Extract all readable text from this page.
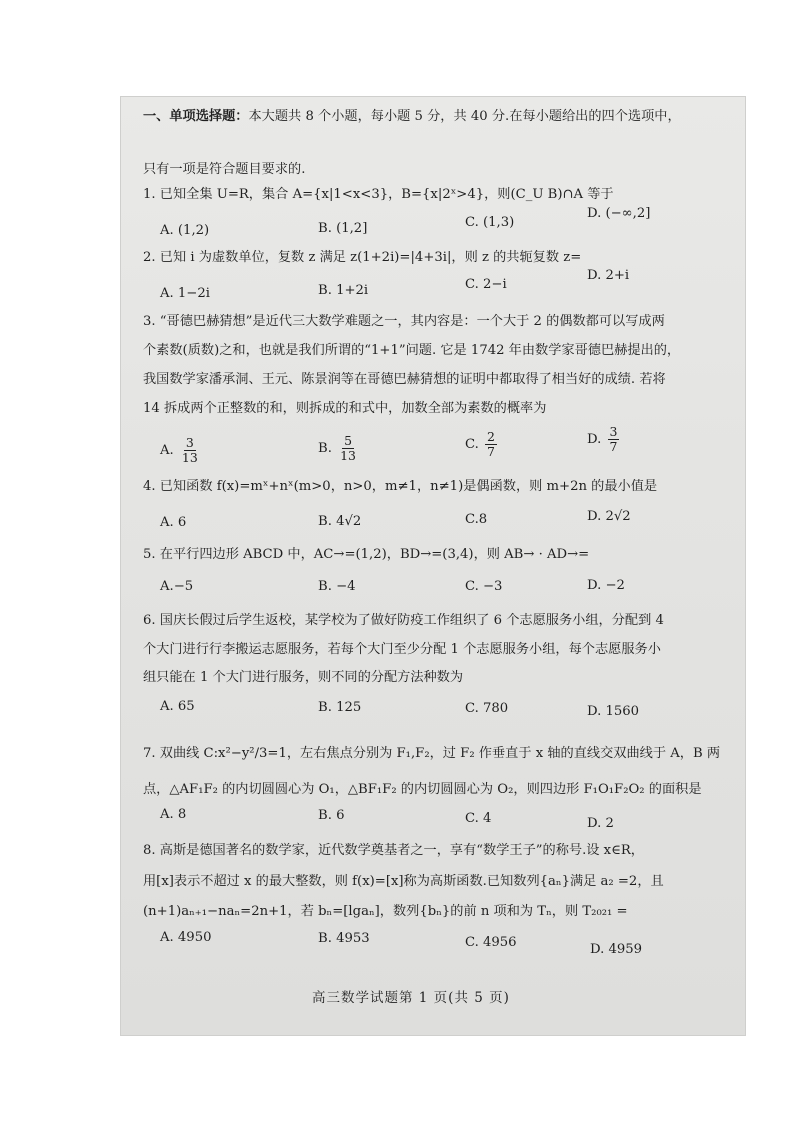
一、单项选择题：本大题共 8 个小题，每小题 5 分，共 40 分.在每小题给出的四个选项中，
只有一项是符合题目要求的.
1. 已知全集 U=R，集合 A={x|1<x<3}，B={x|2ˣ>4}，则(C_U B)∩A 等于
A. (1,2)	B. (1,2]	C. (1,3)
D. (−∞,2]
2. 已知 i 为虚数单位，复数 z 满足 z(1+2i)=|4+3i|，则 z 的共轭复数 z=
A. 1−2i	B. 1+2i	C. 2−i
D. 2+i
3. “哥德巴赫猜想”是近代三大数学难题之一，其内容是：一个大于 2 的偶数都可以写成两
个素数(质数)之和，也就是我们所谓的“1+1”问题. 它是 1742 年由数学家哥德巴赫提出的，
我国数学家潘承洞、王元、陈景润等在哥德巴赫猜想的证明中都取得了相当好的成绩. 若将
14 拆成两个正整数的和，则拆成的和式中，加数全部为素数的概率为
A. $\frac{3}{13}$	B. $\frac{5}{13}$	C. $\frac{2}{7}$	D. $\frac{3}{7}$
4. 已知函数 f(x)=mˣ+nˣ(m>0，n>0，m≠1，n≠1)是偶函数，则 m+2n 的最小值是
A. 6	B. 4√2	C.8	D. 2√2
5. 在平行四边形 ABCD 中，AC→=(1,2)，BD→=(3,4)，则 AB→ · AD→=
A.−5	B. −4	C. −3	D. −2
6. 国庆长假过后学生返校，某学校为了做好防疫工作组织了 6 个志愿服务小组，分配到 4
个大门进行行李搬运志愿服务，若每个大门至少分配 1 个志愿服务小组，每个志愿服务小
组只能在 1 个大门进行服务，则不同的分配方法种数为
A. 65	B. 125	C. 780	D. 1560
7. 双曲线 C:x²−y²/3=1，左右焦点分别为 F₁,F₂，过 F₂ 作垂直于 x 轴的直线交双曲线于 A，B 两
点，△AF₁F₂ 的内切圆圆心为 O₁，△BF₁F₂ 的内切圆圆心为 O₂，则四边形 F₁O₁F₂O₂ 的面积是
A. 8	B. 6	C. 4	D. 2
8. 高斯是德国著名的数学家，近代数学奠基者之一，享有“数学王子”的称号.设 x∈R，
用[x]表示不超过 x 的最大整数，则 f(x)=[x]称为高斯函数.已知数列{aₙ}满足 a₂ =2，且
(n+1)aₙ₊₁−naₙ=2n+1，若 bₙ=[lgaₙ]，数列{bₙ}的前 n 项和为 Tₙ，则 T₂₀₂₁ =
A. 4950	B. 4953	C. 4956	D. 4959
高三数学试题第 1 页(共 5 页)
